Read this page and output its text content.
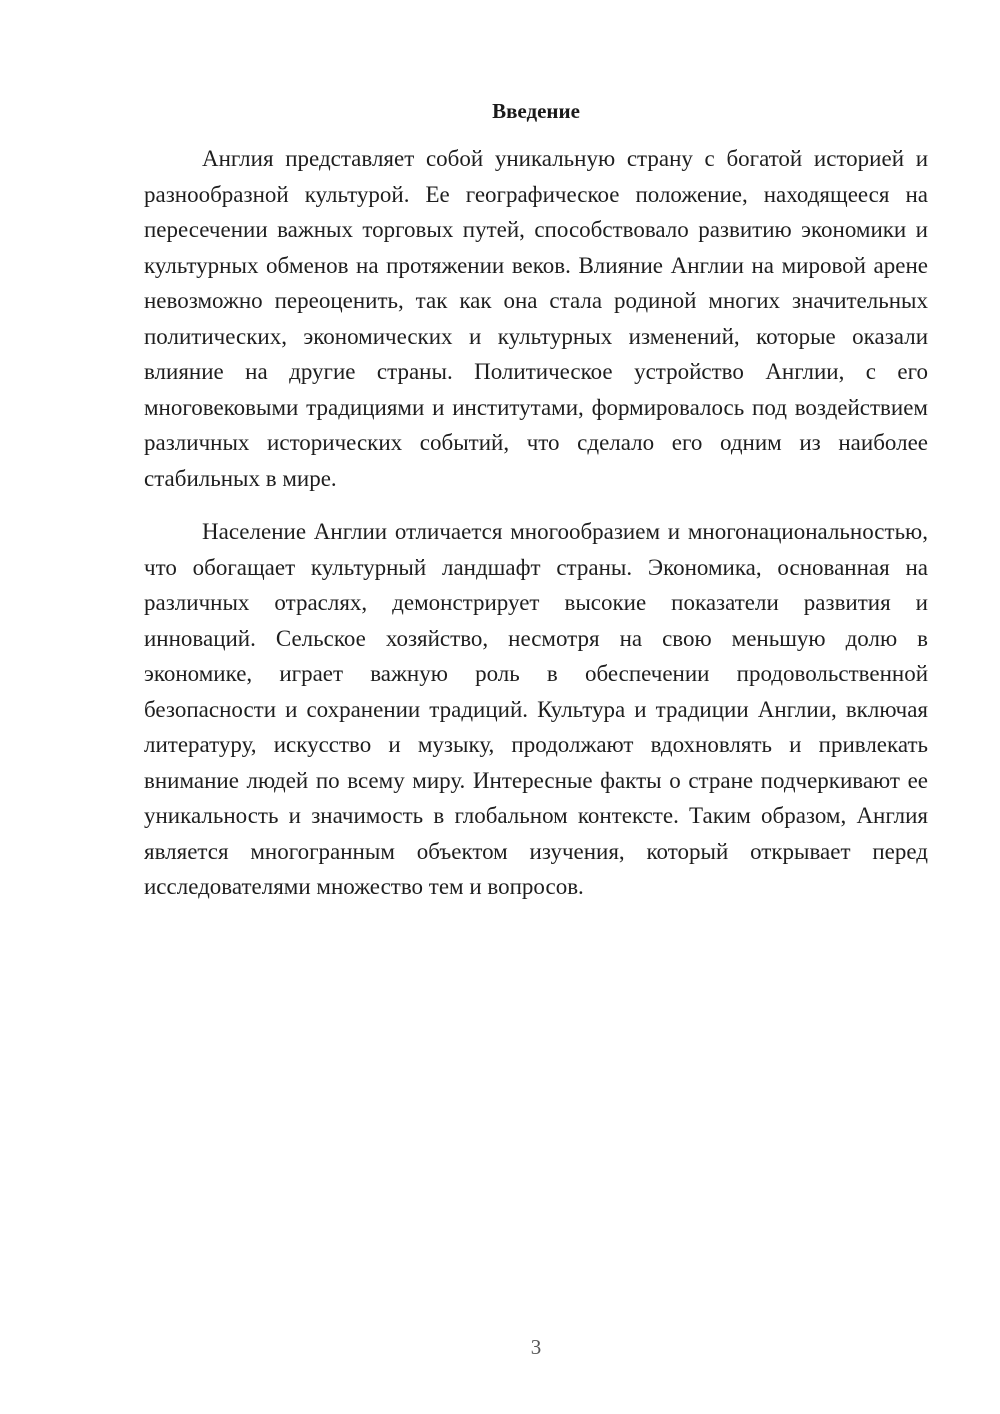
Введение

Англия представляет собой уникальную страну с богатой историей и разнообразной культурой. Ее географическое положение, находящееся на пересечении важных торговых путей, способствовало развитию экономики и культурных обменов на протяжении веков. Влияние Англии на мировой арене невозможно переоценить, так как она стала родиной многих значительных политических, экономических и культурных изменений, которые оказали влияние на другие страны. Политическое устройство Англии, с его многовековыми традициями и институтами, формировалось под воздействием различных исторических событий, что сделало его одним из наиболее стабильных в мире.

Население Англии отличается многообразием и многонациональностью, что обогащает культурный ландшафт страны. Экономика, основанная на различных отраслях, демонстрирует высокие показатели развития и инноваций. Сельское хозяйство, несмотря на свою меньшую долю в экономике, играет важную роль в обеспечении продовольственной безопасности и сохранении традиций. Культура и традиции Англии, включая литературу, искусство и музыку, продолжают вдохновлять и привлекать внимание людей по всему миру. Интересные факты о стране подчеркивают ее уникальность и значимость в глобальном контексте. Таким образом, Англия является многогранным объектом изучения, который открывает перед исследователями множество тем и вопросов.

3
